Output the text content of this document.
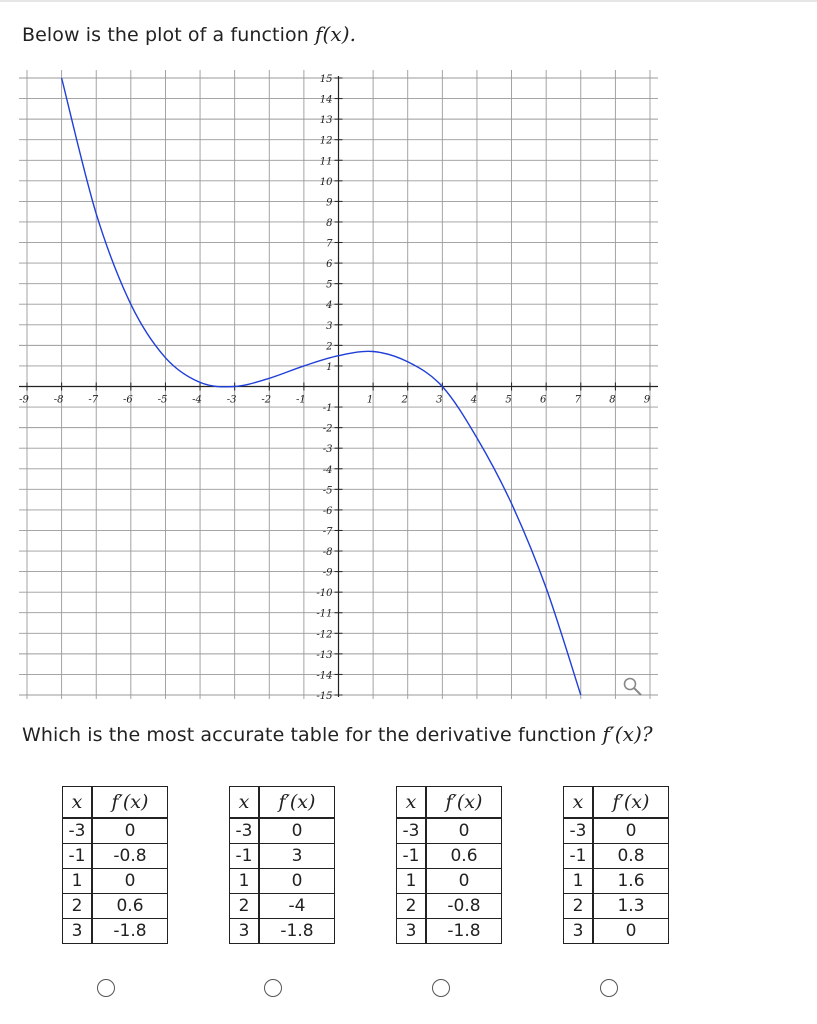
Below is the plot of a function f(x).
-9 -8 -7 -6 -5 -4 -3 -2 -1	1	2	3	4	5	6	7	8	9
15
14
13
12
11
10
9
8
7
6
5
4
3
2
1
-1
-2
-3
-4
-5
-6
-7
-8
-9
-10
-11
-12
-13
-14
-15
Which is the most accurate table for the derivative function f′(x)?
x	f′(x)
-3	0
-1	-0.8
1	0
2	0.6
3	-1.8
x	f′(x)
-3	0
-1	3
1	0
2	-4
3	-1.8
x	f′(x)
-3	0
-1	0.6
1	0
2	-0.8
3	-1.8
x	f′(x)
-3	0
-1	0.8
1	1.6
2	1.3
3	0
